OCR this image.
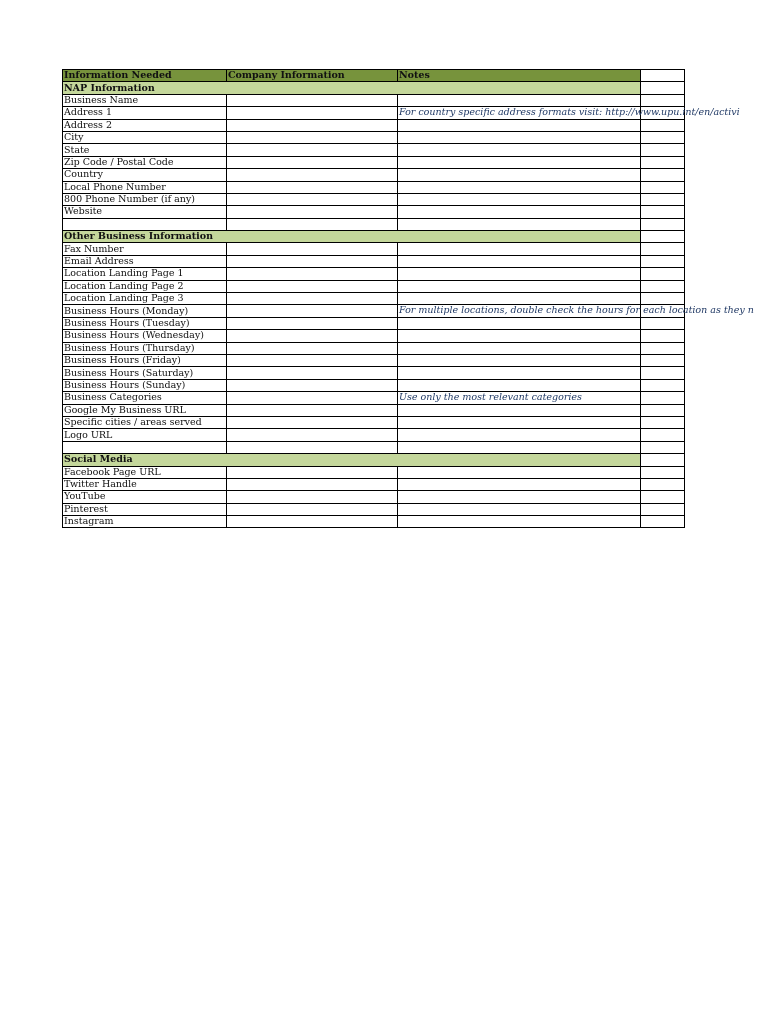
Information Needed	Company Information	Notes	
NAP Information			
Business Name			
Address 1		For country specific address formats visit: http://www.upu.int/en/activi	

Address 2			
City			
State			
Zip Code / Postal Code			
Country			
Local Phone Number			
800 Phone Number (if any)			
Website			

Other Business Information			
Fax Number			
Email Address			
Location Landing Page 1			
Location Landing Page 2			
Location Landing Page 3			
Business Hours (Monday)		For multiple locations, double check the hours for each location as they n	

Business Hours (Tuesday)			
Business Hours (Wednesday)			
Business Hours (Thursday)			
Business Hours (Friday)			
Business Hours (Saturday)			
Business Hours (Sunday)			
Business Categories		Use only the most relevant categories	

Google My Business URL			
Specific cities / areas served			
Logo URL			

Social Media			
Facebook Page URL			
Twitter Handle			
YouTube			
Pinterest			
Instagram			
